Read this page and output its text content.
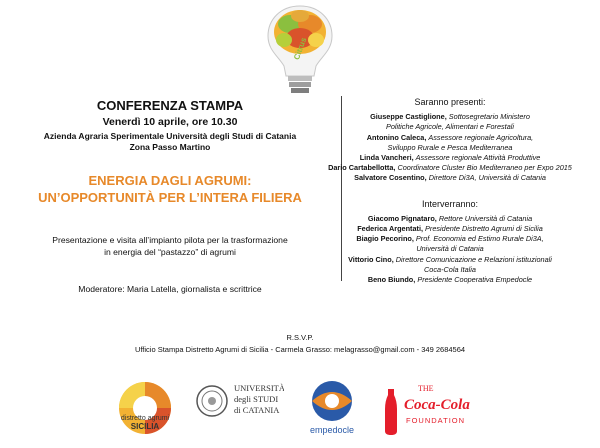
Citrus
CONFERENZA STAMPA
Venerdì 10 aprile, ore 10.30
Azienda Agraria Sperimentale Università degli Studi di Catania
Zona Passo Martino
ENERGIA DAGLI AGRUMI:
UN’OPPORTUNITÀ PER L’INTERA FILIERA
Presentazione e visita all’impianto pilota per la trasformazione
in energia del “pastazzo” di agrumi
Moderatore: Maria Latella, giornalista e scrittrice
Saranno presenti:
Giuseppe Castiglione, Sottosegretario Ministero
Politiche Agricole, Alimentari e Forestali
Antonino Caleca, Assessore regionale Agricoltura,
Sviluppo Rurale e Pesca Mediterranea
Linda Vancheri, Assessore regionale Attività Produttive
Dario Cartabellotta, Coordinatore Cluster Bio Mediterraneo per Expo 2015
Salvatore Cosentino, Direttore Di3A, Università di Catania
Interverranno:
Giacomo Pignataro, Rettore Università di Catania
Federica Argentati, Presidente Distretto Agrumi di Sicilia
Biagio Pecorino, Prof. Economia ed Estimo Rurale Di3A,
Università di Catania
Vittorio Cino, Direttore Comunicazione e Relazioni istituzionali
Coca-Cola Italia
Beno Biundo, Presidente Cooperativa Empedocle
R.S.V.P.
Ufficio Stampa Distretto Agrumi di Sicilia - Carmela Grasso: melagrasso@gmail.com - 349 2684564
distretto agrumi
SICILIA
UNIVERSITÀ
degli STUDI
di CATANIA
empedocle
THE
Coca-Cola
FOUNDATION
